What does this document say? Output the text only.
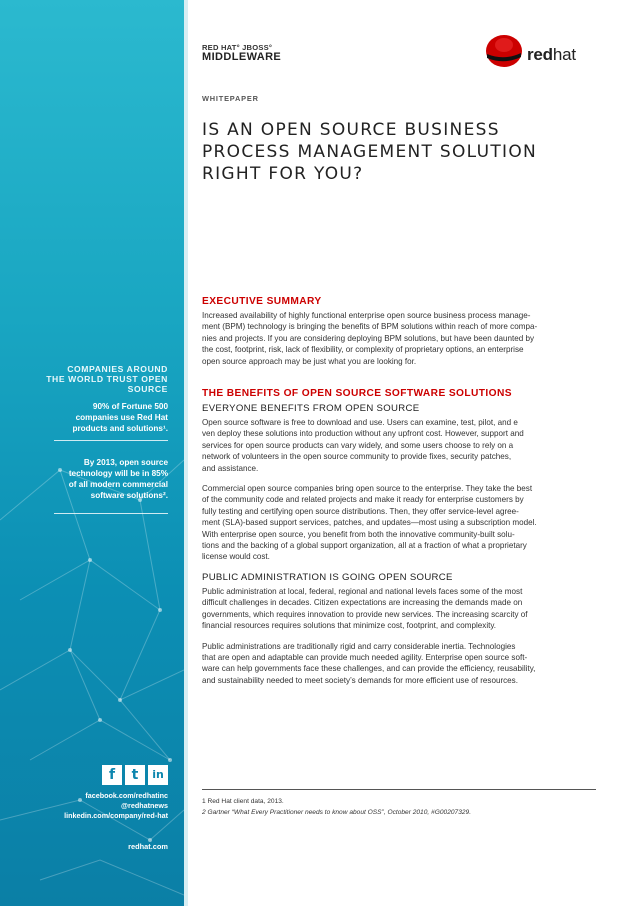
COMPANIES AROUND
THE WORLD TRUST OPEN
SOURCE
90% of Fortune 500
companies use Red Hat
products and solutions¹.
By 2013, open source
technology will be in 85%
of all modern commercial
software solutions².
f	t	in
facebook.com/redhatinc
@redhatnews
linkedin.com/company/red-hat
redhat.com
RED HAT° JBOSS°
MIDDLEWARE	redhat
WHITEPAPER
IS AN OPEN SOURCE BUSINESS
PROCESS MANAGEMENT SOLUTION
RIGHT FOR YOU?
EXECUTIVE SUMMARY

Increased availability of highly functional enterprise open source business process manage-

ment (BPM) technology is bringing the benefits of BPM solutions within reach of more compa-

nies and projects. If you are considering deploying BPM solutions, but have been daunted by

the cost, footprint, risk, lack of flexibility, or complexity of proprietary options, an enterprise

open source approach may be just what you are looking for.

THE BENEFITS OF OPEN SOURCE SOFTWARE SOLUTIONS
EVERYONE BENEFITS FROM OPEN SOURCE

Open source software is free to download and use. Users can examine, test, pilot, and e

ven deploy these solutions into production without any upfront cost. However, support and

services for open source products can vary widely, and some users choose to rely on a

network of volunteers in the open source community to provide fixes, security patches,

and assistance.

Commercial open source companies bring open source to the enterprise. They take the best

of the community code and related projects and make it ready for enterprise customers by

fully testing and certifying open source distributions. Then, they offer service-level agree-

ment (SLA)-based support services, patches, and updates—most using a subscription model.

With enterprise open source, you benefit from both the innovative community-built solu-

tions and the backing of a global support organization, all at a fraction of what a proprietary

license would cost.

PUBLIC ADMINISTRATION IS GOING OPEN SOURCE

Public administration at local, federal, regional and national levels faces some of the most

difficult challenges in decades. Citizen expectations are increasing the demands made on

governments, which requires innovation to provide new services. The increasing scarcity of

financial resources requires solutions that minimize cost, footprint, and complexity.

Public administrations are traditionally rigid and carry considerable inertia. Technologies

that are open and adaptable can provide much needed agility. Enterprise open source soft-

ware can help governments face these challenges, and can provide the efficiency, reusability,

and sustainability needed to meet society’s demands for more efficient use of resources.

1 Red Hat client data, 2013.
2 Gartner “What Every Practitioner needs to know about OSS”, October 2010, #G00207329.
